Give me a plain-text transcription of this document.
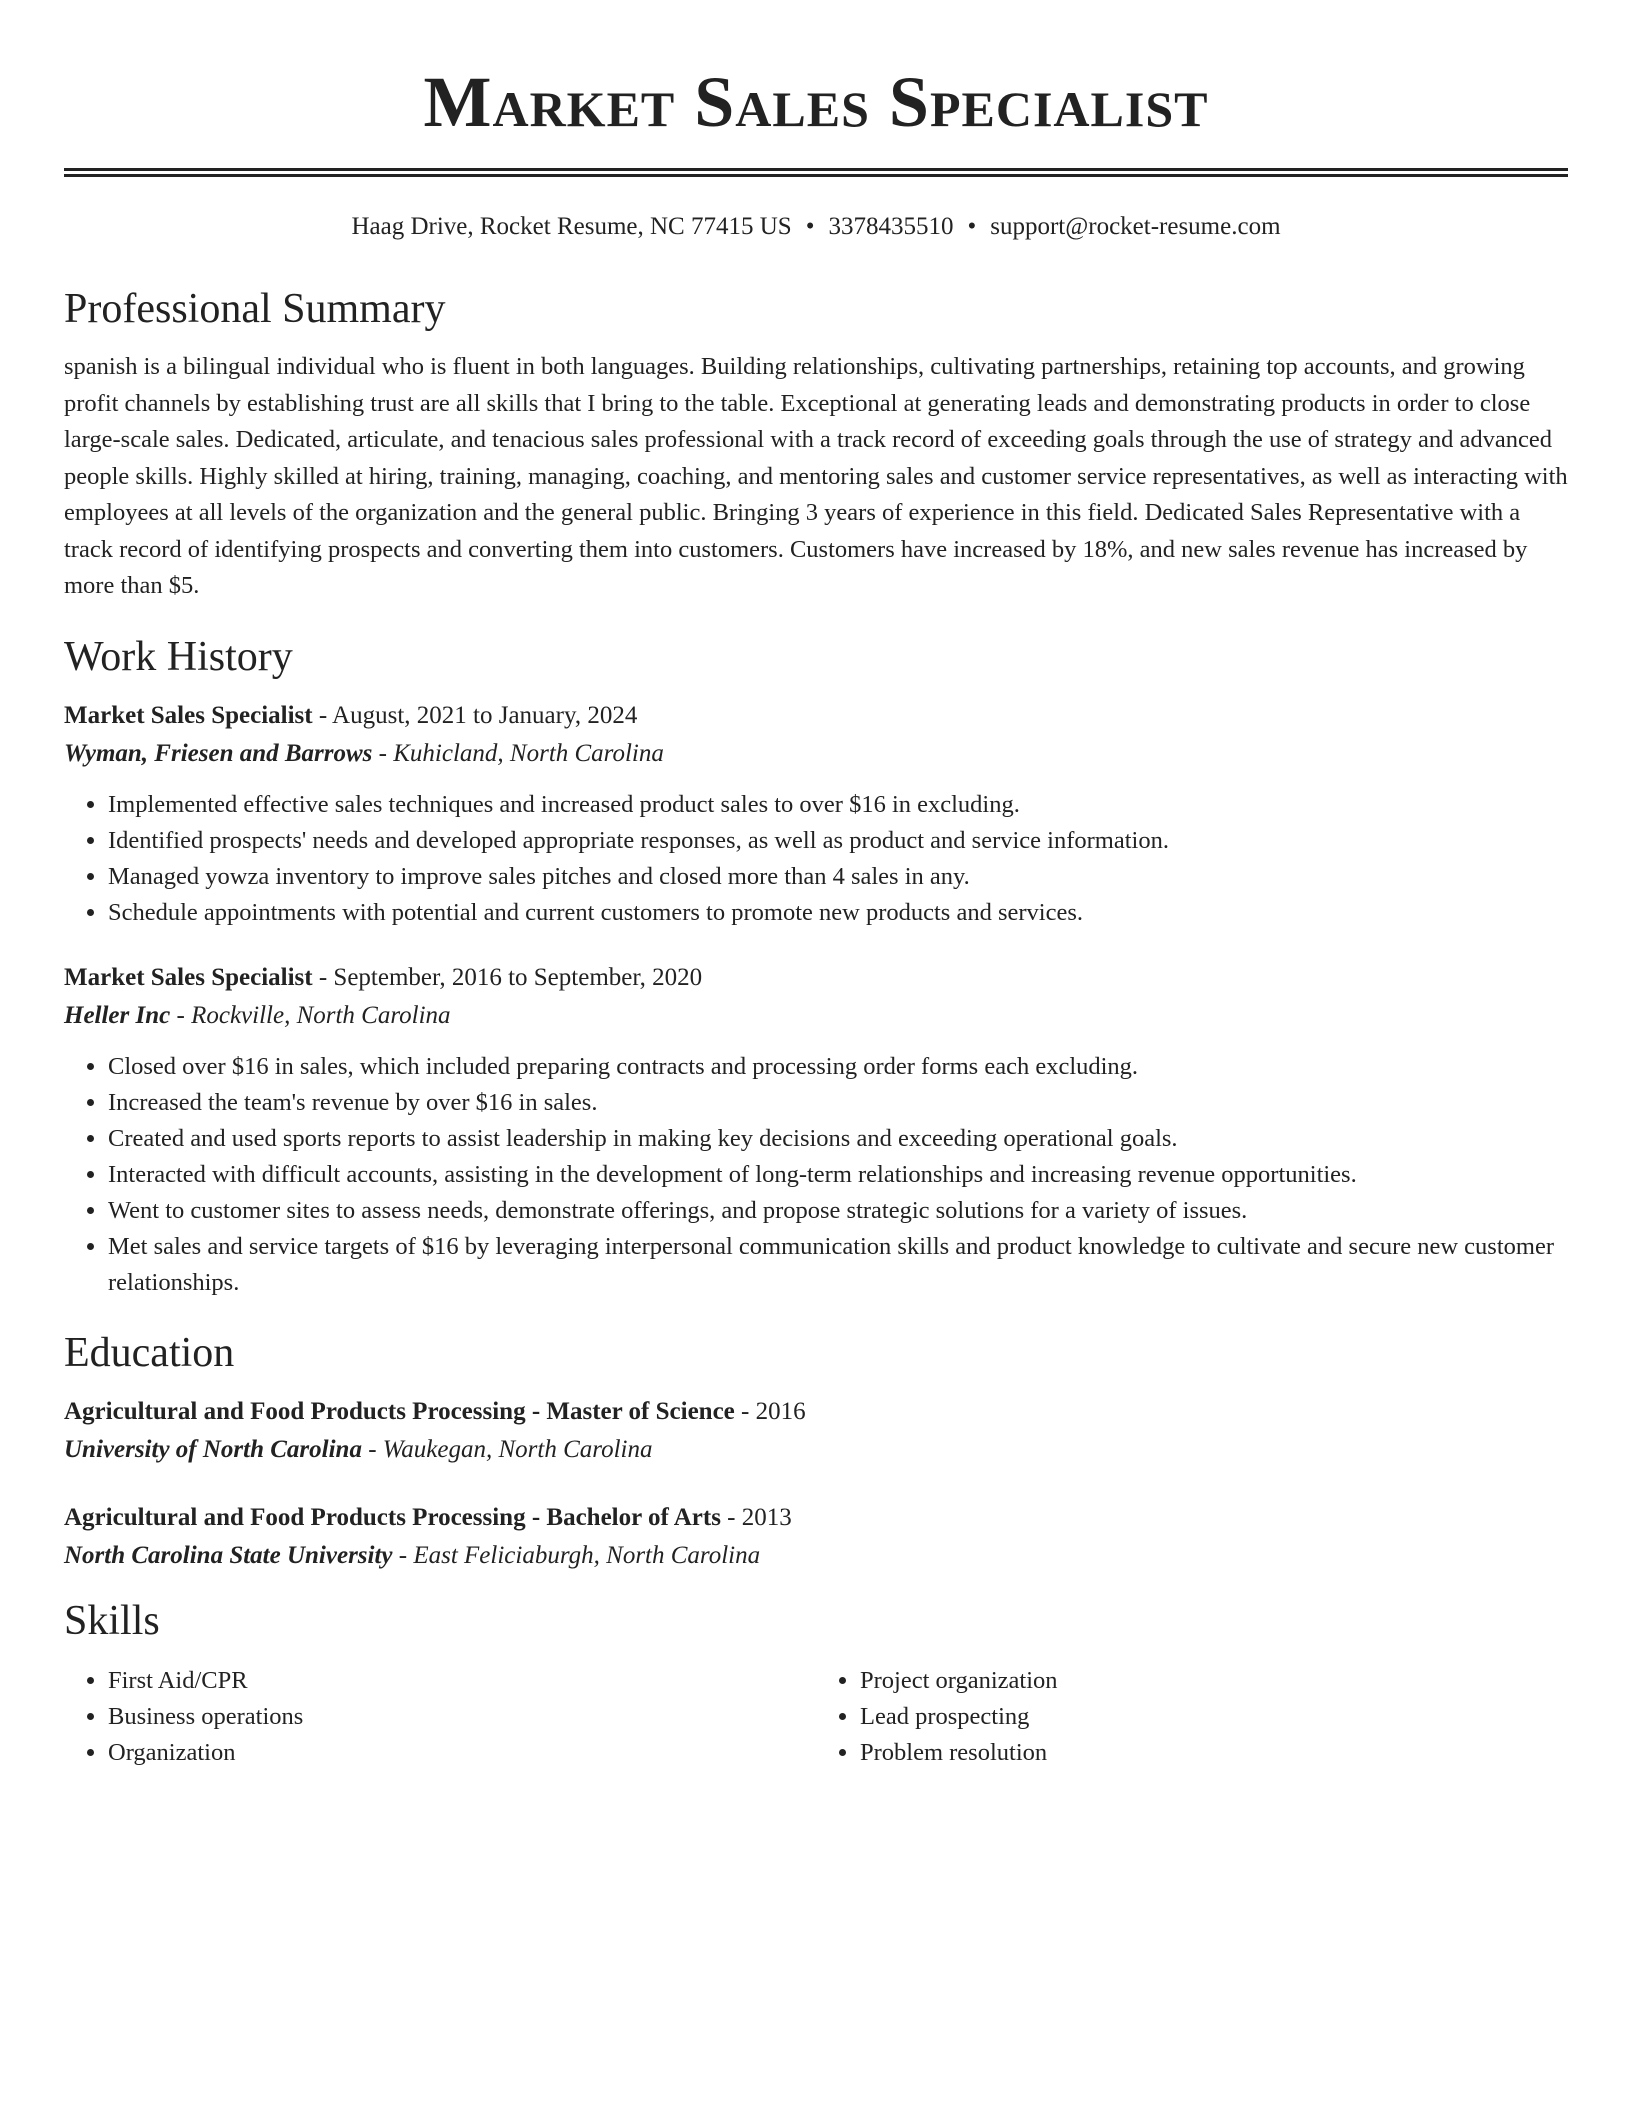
Market Sales Specialist
Haag Drive, Rocket Resume, NC 77415 US • 3378435510 • support@rocket-resume.com
Professional Summary

spanish is a bilingual individual who is fluent in both languages. Building relationships, cultivating partnerships, retaining top accounts, and growing profit channels by establishing trust are all skills that I bring to the table. Exceptional at generating leads and demonstrating products in order to close large-scale sales. Dedicated, articulate, and tenacious sales professional with a track record of exceeding goals through the use of strategy and advanced people skills. Highly skilled at hiring, training, managing, coaching, and mentoring sales and customer service representatives, as well as interacting with employees at all levels of the organization and the general public. Bringing 3 years of experience in this field. Dedicated Sales Representative with a track record of identifying prospects and converting them into customers. Customers have increased by 18%, and new sales revenue has increased by more than $5.

Work History

Market Sales Specialist - August, 2021 to January, 2024

Wyman, Friesen and Barrows - Kuhicland, North Carolina

• Implemented effective sales techniques and increased product sales to over $16 in excluding.
• Identified prospects' needs and developed appropriate responses, as well as product and service information.
• Managed yowza inventory to improve sales pitches and closed more than 4 sales in any.
• Schedule appointments with potential and current customers to promote new products and services.

Market Sales Specialist - September, 2016 to September, 2020

Heller Inc - Rockville, North Carolina

• Closed over $16 in sales, which included preparing contracts and processing order forms each excluding.
• Increased the team's revenue by over $16 in sales.
• Created and used sports reports to assist leadership in making key decisions and exceeding operational goals.
• Interacted with difficult accounts, assisting in the development of long-term relationships and increasing revenue opportunities.
• Went to customer sites to assess needs, demonstrate offerings, and propose strategic solutions for a variety of issues.
• Met sales and service targets of $16 by leveraging interpersonal communication skills and product knowledge to cultivate and secure new customer relationships.
Education

Agricultural and Food Products Processing - Master of Science - 2016

University of North Carolina - Waukegan, North Carolina

Agricultural and Food Products Processing - Bachelor of Arts - 2013

North Carolina State University - East Feliciaburgh, North Carolina

Skills
• First Aid/CPR
• Business operations
• Organization
• Project organization
• Lead prospecting
• Problem resolution
